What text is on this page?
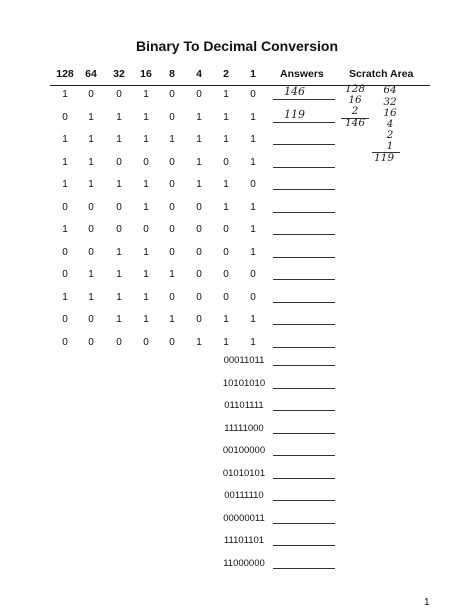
Binary To Decimal Conversion
128	64	32	16	8	4	2	1	Answers Scratch Area
1	0	0	1	0	0	1	0	146
0	1	1	1	0	1	1	1	119
1	1	1	1	1	1	1	1
1	1	0	0	0	1	0	1
1	1	1	1	0	1	1	0
0	0	0	1	0	0	1	1
1	0	0	0	0	0	0	1
0	0	1	1	0	0	0	1
0	1	1	1	1	0	0	0
1	1	1	1	0	0	0	0
0	0	1	1	1	0	1	1
0	0	0	0	0	1	1	1
00011011
10101010
01101111
11111000
00100000
01010101
00111110
00000011
11101101
11000000
128
16
2
146
64
32
16
4
2
1
119
1
